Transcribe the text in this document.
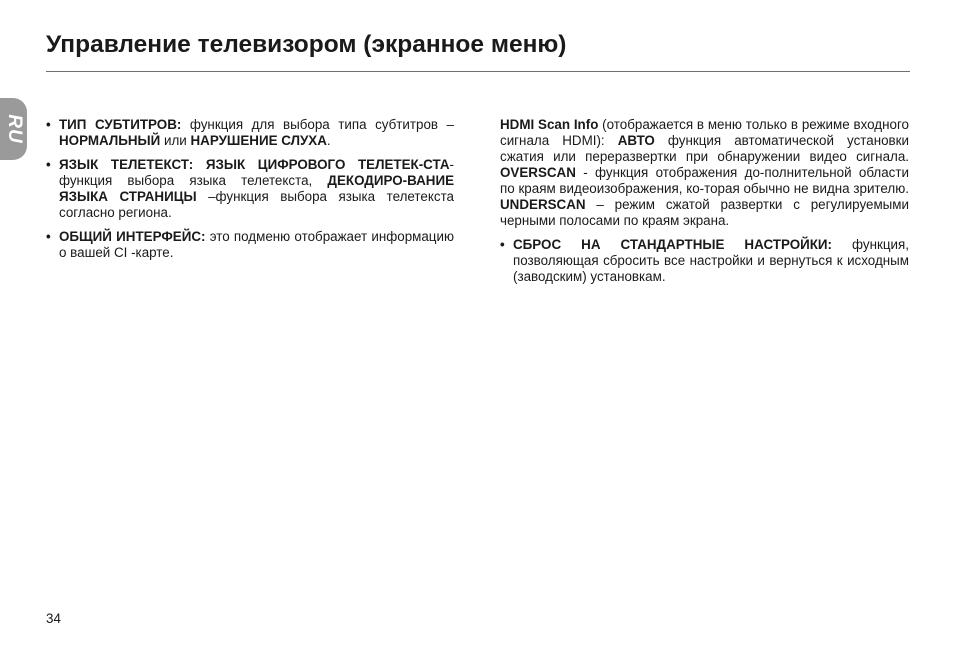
Управление телевизором (экранное меню)
RU • ТИП СУБТИТРОВ: функция для выбора типа субтитров – НОРМАЛЬНЫЙ или НАРУШЕНИЕ СЛУХА.
• ЯЗЫК ТЕЛЕТЕКСТ: ЯЗЫК ЦИФРОВОГО ТЕЛЕТЕК-СТА- функция выбора языка телетекста, ДЕКОДИРО-ВАНИЕ ЯЗЫКА СТРАНИЦЫ –функция выбора языка телетекста согласно региона.
• ОБЩИЙ ИНТЕРФЕЙС: это подменю отображает информацию о вашей CI -карте.

HDMI Scan Info (отображается в меню только в режиме входного сигнала HDMI): АВТО функция автоматической установки сжатия или переразвертки при обнаружении видео сигнала. OVERSCAN - функция отображения до-полнительной области по краям видеоизображения, ко-торая обычно не видна зрителю. UNDERSCAN – режим сжатой развертки с регулируемыми черными полосами по краям экрана.

• СБРОС НА СТАНДАРТНЫЕ НАСТРОЙКИ: функция, позволяющая сбросить все настройки и вернуться к исходным (заводским) установкам.
34
